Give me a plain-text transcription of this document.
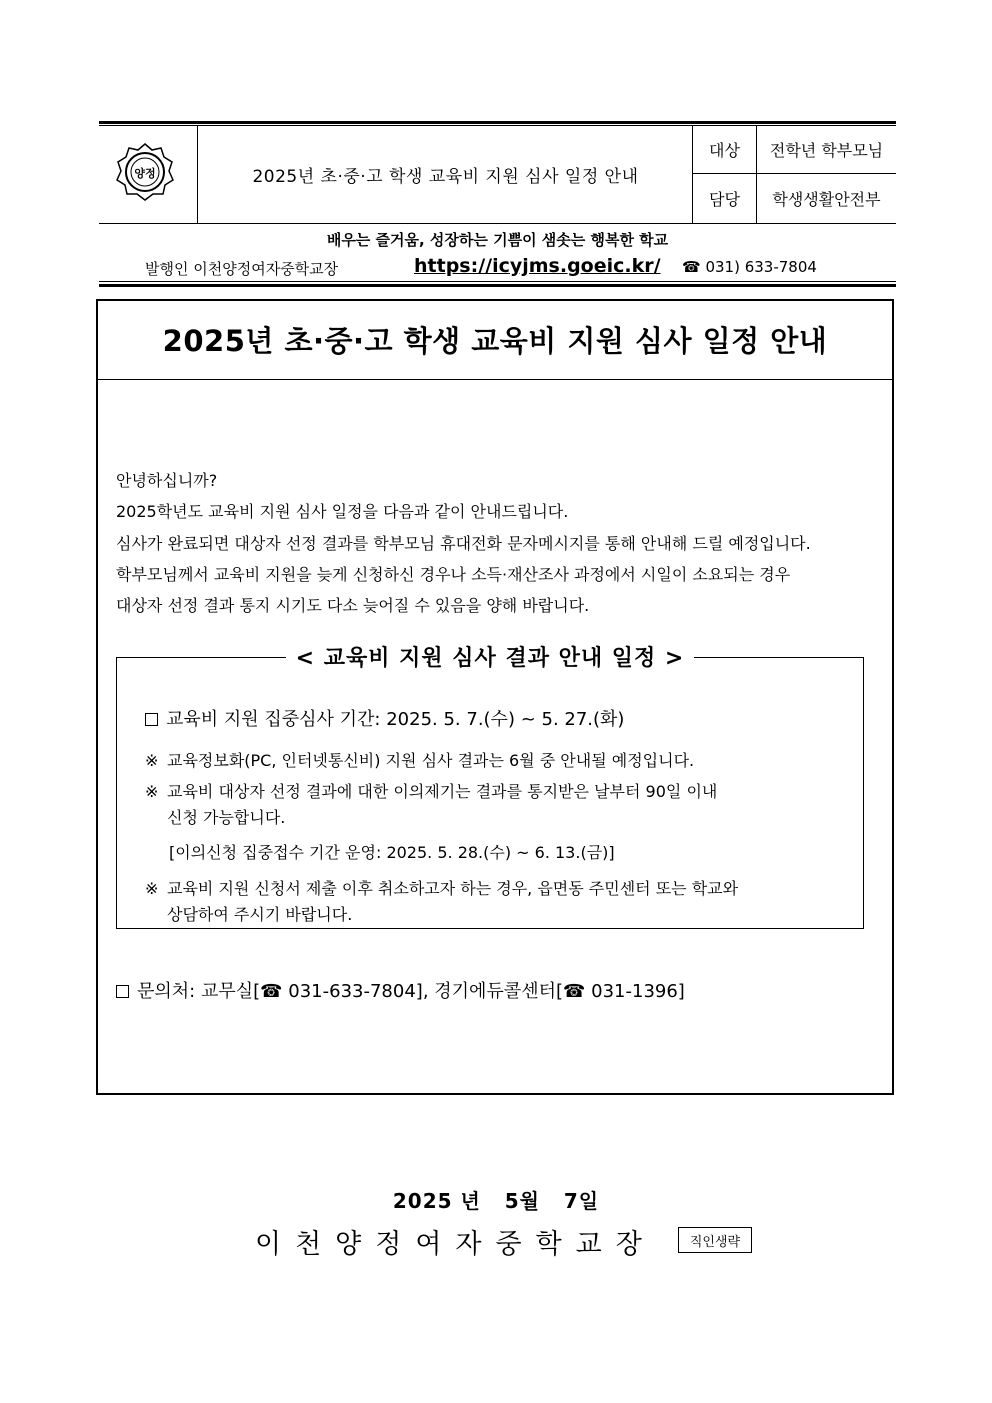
양정	2025년 초·중·고 학생 교육비 지원 심사 일정 안내
대상	전학년 학부모님
담당	학생생활안전부
배우는 즐거움, 성장하는 기쁨이 샘솟는 행복한 학교
발행인 이천양정여자중학교장	https://icyjms.goeic.kr/ ☎ 031) 633-7804
2025년 초·중·고 학생 교육비 지원 심사 일정 안내
안녕하십니까?
2025학년도 교육비 지원 심사 일정을 다음과 같이 안내드립니다.
심사가 완료되면 대상자 선정 결과를 학부모님 휴대전화 문자메시지를 통해 안내해 드릴 예정입니다.
학부모님께서 교육비 지원을 늦게 신청하신 경우나 소득·재산조사 과정에서 시일이 소요되는 경우
대상자 선정 결과 통지 시기도 다소 늦어질 수 있음을 양해 바랍니다.
< 교육비 지원 심사 결과 안내 일정 >
교육비 지원 집중심사 기간: 2025. 5. 7.(수) ~ 5. 27.(화)
※ 교육정보화(PC, 인터넷통신비) 지원 심사 결과는 6월 중 안내될 예정입니다.
※ 교육비 대상자 선정 결과에 대한 이의제기는 결과를 통지받은 날부터 90일 이내
신청 가능합니다.
[이의신청 집중접수 기간 운영: 2025. 5. 28.(수) ~ 6. 13.(금)]
※ 교육비 지원 신청서 제출 이후 취소하고자 하는 경우, 읍면동 주민센터 또는 학교와
상담하여 주시기 바랍니다.
문의처: 교무실[☎ 031-633-7804], 경기에듀콜센터[☎ 031-1396]
2025 년   5월   7일
이천양정여자중학교장	직인생략
